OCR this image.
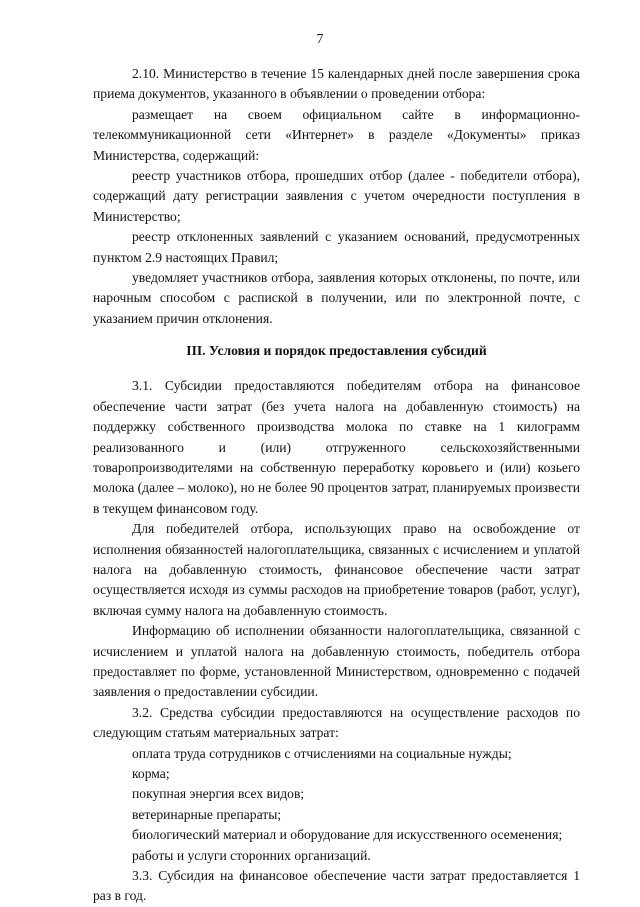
7

2.10. Министерство в течение 15 календарных дней после завершения срока приема документов, указанного в объявлении о проведении отбора:

размещает на своем официальном сайте в информационно-телекоммуникационной сети «Интернет» в разделе «Документы» приказ Министерства, содержащий:

реестр участников отбора, прошедших отбор (далее - победители отбора), содержащий дату регистрации заявления с учетом очередности поступления в Министерство;

реестр отклоненных заявлений с указанием оснований, предусмотренных пунктом 2.9 настоящих Правил;

уведомляет участников отбора, заявления которых отклонены, по почте, или нарочным способом с распиской в получении, или по электронной почте, с указанием причин отклонения.

III. Условия и порядок предоставления субсидий

3.1. Субсидии предоставляются победителям отбора на финансовое обеспечение части затрат (без учета налога на добавленную стоимость) на поддержку собственного производства молока по ставке на 1 килограмм реализованного и (или) отгруженного сельскохозяйственными товаропроизводителями на собственную переработку коровьего и (или) козьего молока (далее – молоко), но не более 90 процентов затрат, планируемых произвести в текущем финансовом году.

Для победителей отбора, использующих право на освобождение от исполнения обязанностей налогоплательщика, связанных с исчислением и уплатой налога на добавленную стоимость, финансовое обеспечение части затрат осуществляется исходя из суммы расходов на приобретение товаров (работ, услуг), включая сумму налога на добавленную стоимость.

Информацию об исполнении обязанности налогоплательщика, связанной с исчислением и уплатой налога на добавленную стоимость, победитель отбора предоставляет по форме, установленной Министерством, одновременно с подачей заявления о предоставлении субсидии.

3.2. Средства субсидии предоставляются на осуществление расходов по следующим статьям материальных затрат:

оплата труда сотрудников с отчислениями на социальные нужды;

корма;

покупная энергия всех видов;

ветеринарные препараты;

биологический материал и оборудование для искусственного осеменения;

работы и услуги сторонних организаций.

3.3. Субсидия на финансовое обеспечение части затрат предоставляется 1 раз в год.
